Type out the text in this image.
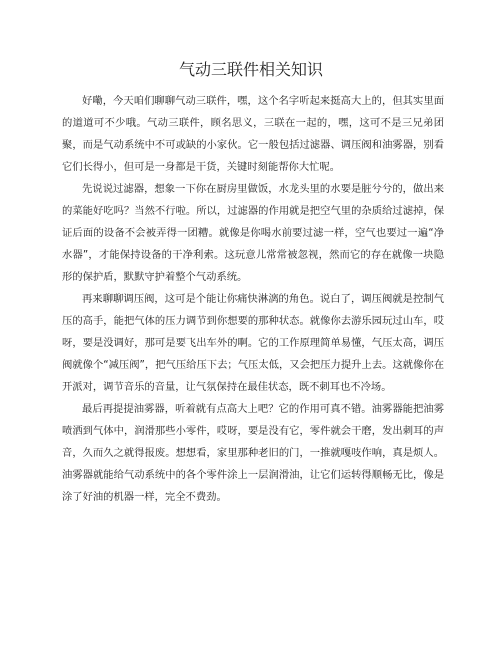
气动三联件相关知识

好嘞，今天咱们聊聊气动三联件，嘿，这个名字听起来挺高大上的，但其实里面的道道可不少哦。气动三联件，顾名思义，三联在一起的，嘿，这可不是三兄弟团聚，而是气动系统中不可或缺的小家伙。它一般包括过滤器、调压阀和油雾器，别看它们长得小，但可是一身都是干货，关键时刻能帮你大忙呢。

先说说过滤器，想象一下你在厨房里做饭，水龙头里的水要是脏兮兮的，做出来的菜能好吃吗？当然不行啦。所以，过滤器的作用就是把空气里的杂质给过滤掉，保证后面的设备不会被弄得一团糟。就像是你喝水前要过滤一样，空气也要过一遍“净水器”，才能保持设备的干净利索。这玩意儿常常被忽视，然而它的存在就像一块隐形的保护盾，默默守护着整个气动系统。

再来聊聊调压阀，这可是个能让你痛快淋漓的角色。说白了，调压阀就是控制气压的高手，能把气体的压力调节到你想要的那种状态。就像你去游乐园玩过山车，哎呀，要是没调好，那可是要飞出车外的啊。它的工作原理简单易懂，气压太高，调压阀就像个“减压阀”，把气压给压下去；气压太低，又会把压力提升上去。这就像你在开派对，调节音乐的音量，让气氛保持在最佳状态，既不刺耳也不冷场。

最后再提提油雾器，听着就有点高大上吧？它的作用可真不错。油雾器能把油雾喷洒到气体中，润滑那些小零件，哎呀，要是没有它，零件就会干磨，发出刺耳的声音，久而久之就得报废。想想看，家里那种老旧的门，一推就嘎吱作响，真是烦人。油雾器就能给气动系统中的各个零件涂上一层润滑油，让它们运转得顺畅无比，像是涂了好油的机器一样，完全不费劲。
